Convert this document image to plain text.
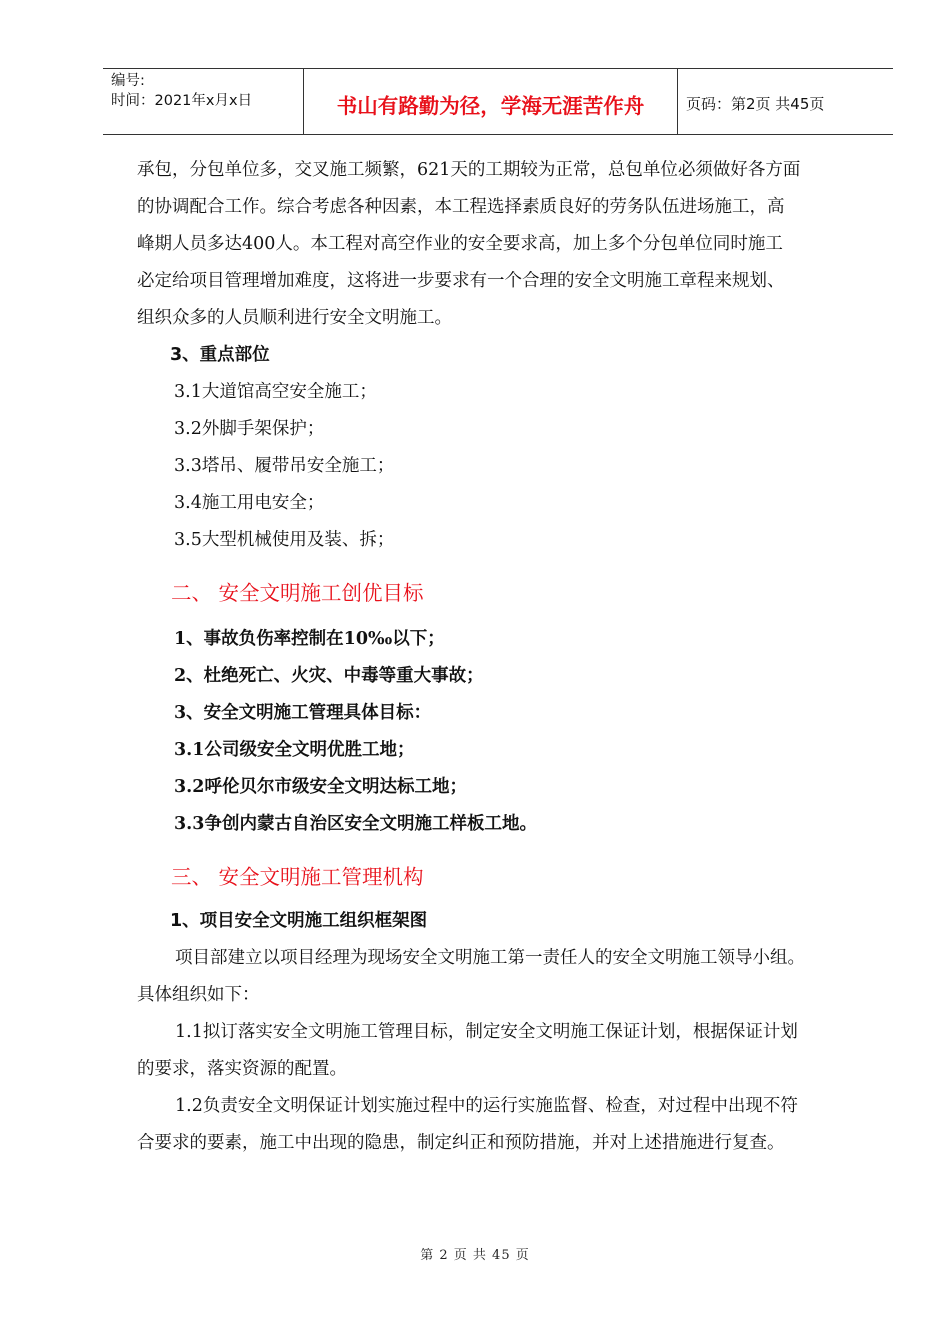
编号:
时间：2021年x月x日	书山有路勤为径，学海无涯苦作舟	页码：第2页 共45页

承包，分包单位多，交叉施工频繁，621天的工期较为正常，总包单位必须做好各方面

的协调配合工作。综合考虑各种因素，本工程选择素质良好的劳务队伍进场施工，高

峰期人员多达400人。本工程对高空作业的安全要求高，加上多个分包单位同时施工

必定给项目管理增加难度，这将进一步要求有一个合理的安全文明施工章程来规划、

组织众多的人员顺利进行安全文明施工。

3、重点部位

3.1大道馆高空安全施工；

3.2外脚手架保护；

3.3塔吊、履带吊安全施工；

3.4施工用电安全；

3.5大型机械使用及装、拆；

二、 安全文明施工创优目标

1、事故负伤率控制在10‰以下；

2、杜绝死亡、火灾、中毒等重大事故；

3、安全文明施工管理具体目标：

3.1公司级安全文明优胜工地；

3.2呼伦贝尔市级安全文明达标工地；

3.3争创内蒙古自治区安全文明施工样板工地。

三、 安全文明施工管理机构

1、项目安全文明施工组织框架图

项目部建立以项目经理为现场安全文明施工第一责任人的安全文明施工领导小组。

具体组织如下：

1.1拟订落实安全文明施工管理目标，制定安全文明施工保证计划，根据保证计划

的要求，落实资源的配置。

1.2负责安全文明保证计划实施过程中的运行实施监督、检查，对过程中出现不符

合要求的要素，施工中出现的隐患，制定纠正和预防措施，并对上述措施进行复查。

第 2 页 共 45 页
